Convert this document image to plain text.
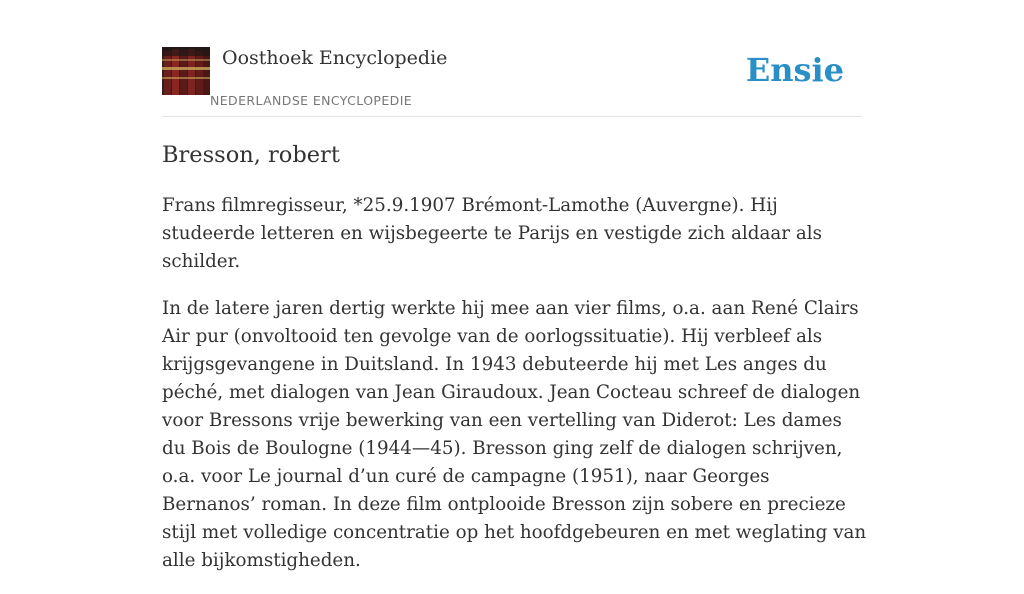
Oosthoek Encyclopedie
NEDERLANDSE ENCYCLOPEDIE
Ensie
Bresson, robert

Frans filmregisseur, *25.9.1907 Brémont-Lamothe (Auvergne). Hij studeerde letteren en wijsbegeerte te Parijs en vestigde zich aldaar als schilder.

In de latere jaren dertig werkte hij mee aan vier films, o.a. aan René Clairs Air pur (onvoltooid ten gevolge van de oorlogssituatie). Hij verbleef als krijgsgevangene in Duitsland. In 1943 debuteerde hij met Les anges du péché, met dialogen van Jean Giraudoux. Jean Cocteau schreef de dialogen voor Bressons vrije bewerking van een vertelling van Diderot: Les dames du Bois de Boulogne (1944—45). Bresson ging zelf de dialogen schrijven, o.a. voor Le journal d’un curé de campagne (1951), naar Georges Bernanos’ roman. In deze film ontplooide Bresson zijn sobere en precieze stijl met volledige concentratie op het hoofdgebeuren en met weglating van alle bijkomstigheden.
